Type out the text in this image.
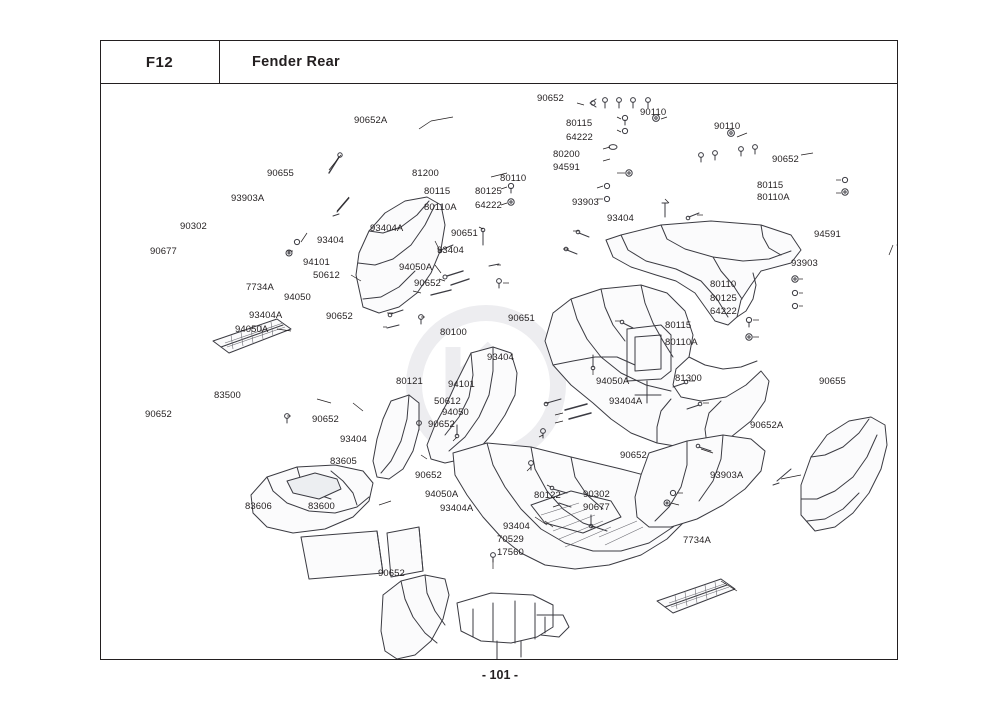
F12	Fender Rear
90652
90110
90110
80115
64222
80200
94591
90652
80115
80110A
94591
93903
90652A
81200
90655
80115
80110A
80110
80125
64222	93903
93404
93903A
90302
90677
7734A
93404
93404A
94101
50612
94050
94050A
90652
90651
93404
93404A
94050A
90652
80100
90651
80110
80125
64222
80115
80110A
93404
80121	94101	94050A
93404A
50612
94050
81300	90655
90652A
83500
90652	90652
93404
90652
90652
83605
90652
83606	83600
94050A
93404A
80122 90302
90677
93903A
7734A
93404
70529
17560
90652
- 101 -
